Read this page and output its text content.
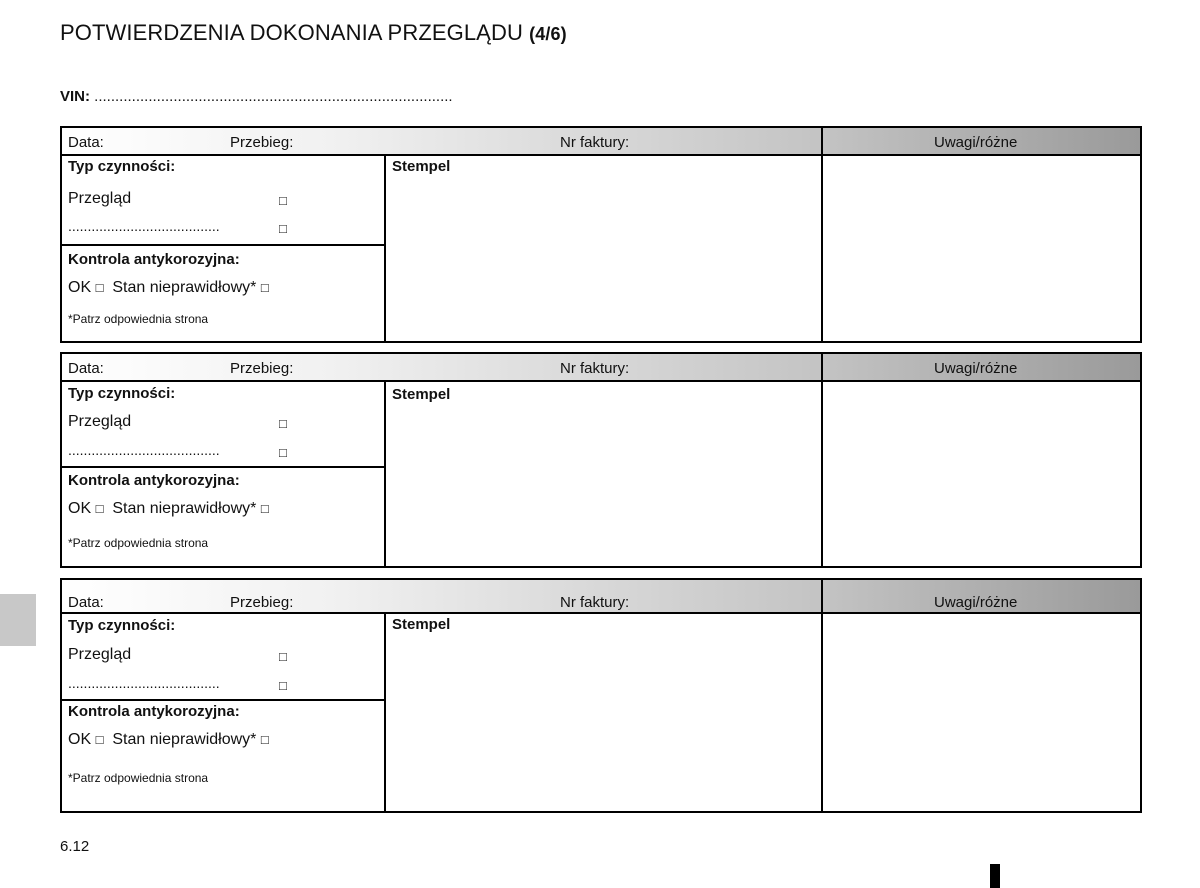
POTWIERDZENIA DOKONANIA PRZEGLĄDU (4/6)
VIN: ......................................................................................
Data:	Przebieg:	Nr faktury:	Uwagi/różne
Typ czynności:
Przegląd	□
.......................................	□
Kontrola antykorozyjna:
OK □ Stan nieprawidłowy* □
*Patrz odpowiednia strona
Stempel
Data:	Przebieg:	Nr faktury:	Uwagi/różne
Typ czynności:
Przegląd	□
.......................................	□
Kontrola antykorozyjna:
OK □ Stan nieprawidłowy* □
*Patrz odpowiednia strona
Stempel
Data:	Przebieg:	Nr faktury:	Uwagi/różne
Typ czynności:
Przegląd	□
.......................................	□
Kontrola antykorozyjna:
OK □ Stan nieprawidłowy* □
*Patrz odpowiednia strona
Stempel
6.12
